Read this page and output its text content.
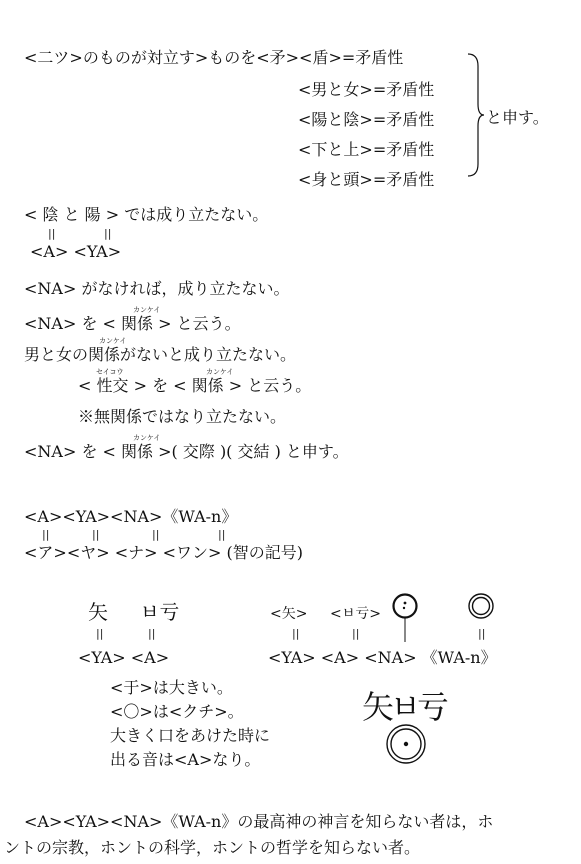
<二ツ>のものが対立す>ものを<矛><盾>=矛盾性
<男と女>=矛盾性
<陽と陰>=矛盾性
<下と上>=矛盾性
<身と頭>=矛盾性
と申す。
< 陰 と 陽 > では成り立たない。
||	||
<A> <YA>
<NA> がなければ，成り立たない。
カンケイ
<NA> を < 関係 > と云う。
カンケイ
男と女の関係がないと成り立たない。
セイコウ	カンケイ
< 性交 > を < 関係 > と云う。
※無関係ではなり立たない。
カンケイ
<NA> を < 関係 >( 交際 )( 交結 ) と申す。
<A><YA><NA>《WA-n》
||	||	||	||
<ア><ヤ> <ナ> <ワン> (智の記号)
矢 ㅂ亏
||	||
<YA> <A>
<矢> <ㅂ亏>
||	||	||
<YA> <A> <NA> 《WA-n》
<于>は大きい。
<〇>は<クチ>。
大きく口をあけた時に
出る音は<A>なり。
矢ㅂ亏
<A><YA><NA>《WA-n》の最高神の神言を知らない者は，ホ
ントの宗教，ホントの科学，ホントの哲学を知らない者。
